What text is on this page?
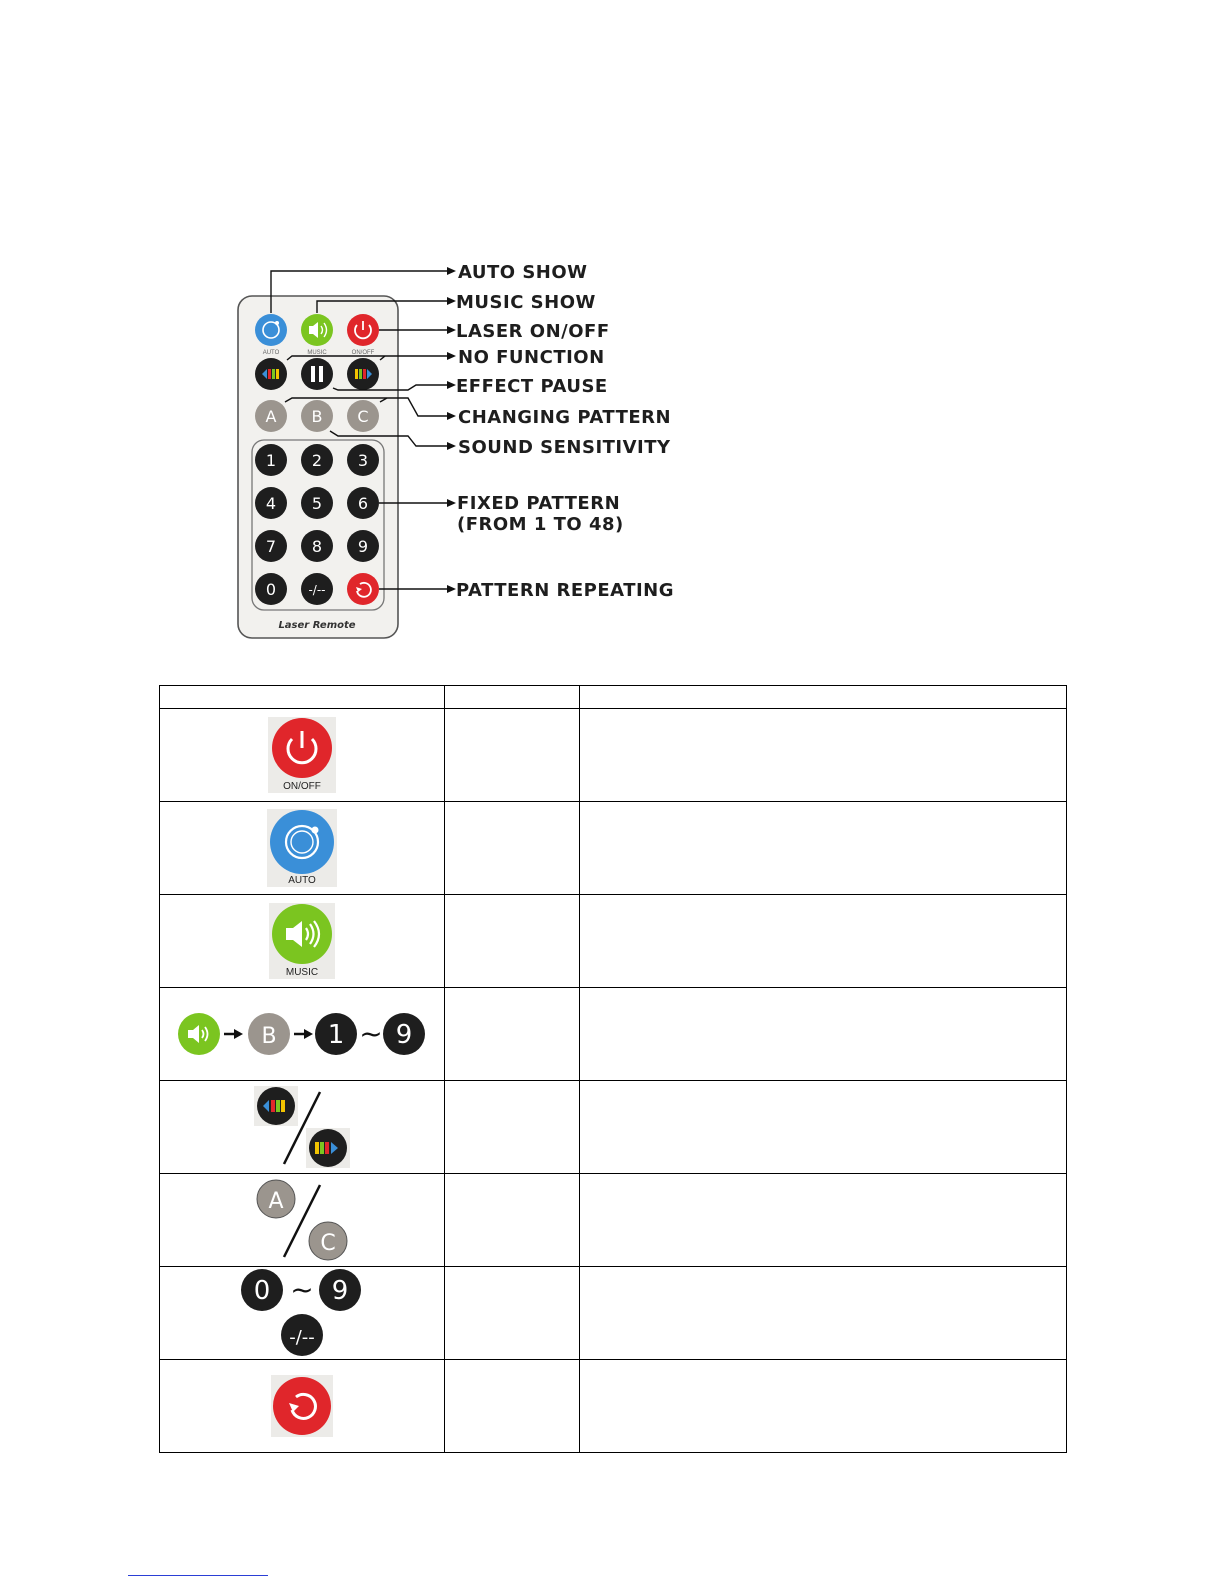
AUTO	MUSIC	ON/OFF
A B C
1 2 3
4 5 6
7 8 9
0	-/--
Laser Remote
AUTO SHOW
MUSIC SHOW
LASER ON/OFF
NO FUNCTION
EFFECT PAUSE
CHANGING PATTERN
SOUND SENSITIVITY
FIXED PATTERN
(FROM 1 TO 48)
PATTERN REPEATING

ON/OFF		

AUTO		

MUSIC		

B 1 ~ 9		

A
C		

0 ~ 9
-/--		
